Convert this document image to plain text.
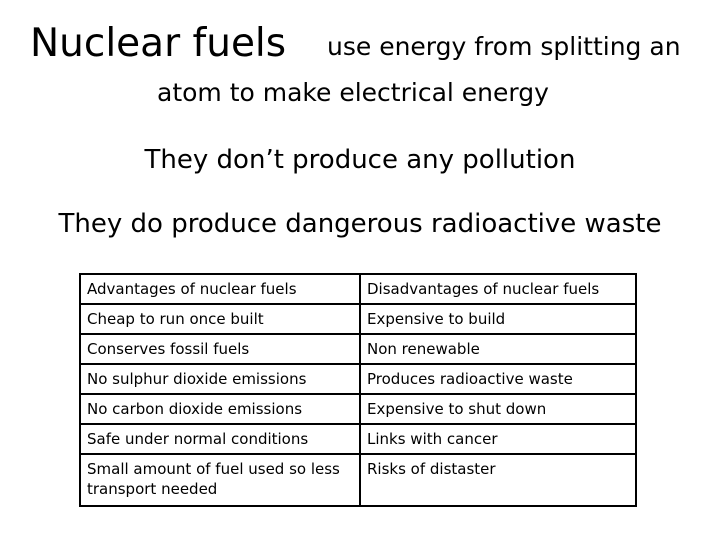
Nuclear fuels use energy from splitting an
atom to make electrical energy
They don’t produce any pollution
They do produce dangerous radioactive waste
Advantages of nuclear fuels	Disadvantages of nuclear fuels
Cheap to run once built	Expensive to build
Conserves fossil fuels	Non renewable
No sulphur dioxide emissions	Produces radioactive waste
No carbon dioxide emissions	Expensive to shut down
Safe under normal conditions	Links with cancer
Small amount of fuel used so less transport needed	Risks of distaster
